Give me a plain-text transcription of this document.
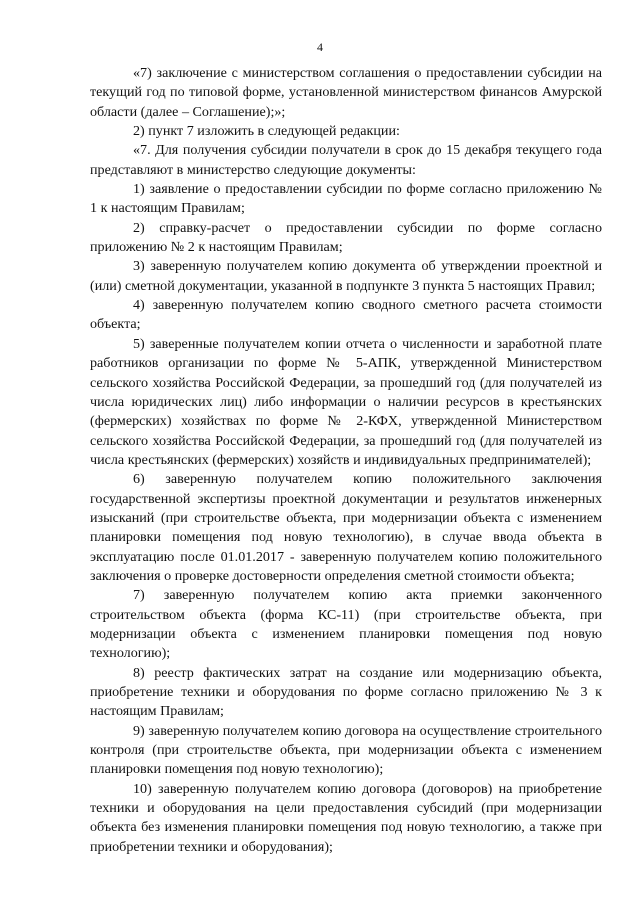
4

«7) заключение с министерством соглашения о предоставлении субсидии на текущий год по типовой форме, установленной министерством финансов Амурской области (далее – Соглашение);»;

2) пункт 7 изложить в следующей редакции:

«7. Для получения субсидии получатели в срок до 15 декабря текущего года представляют в министерство следующие документы:

1) заявление о предоставлении субсидии по форме согласно приложению № 1 к настоящим Правилам;

2) справку-расчет о предоставлении субсидии по форме согласно приложению № 2 к настоящим Правилам;

3) заверенную получателем копию документа об утверждении проектной и (или) сметной документации, указанной в подпункте 3 пункта 5 настоящих Правил;

4) заверенную получателем копию сводного сметного расчета стоимости объекта;

5) заверенные получателем копии отчета о численности и заработной плате работников организации по форме № 5-АПК, утвержденной Министерством сельского хозяйства Российской Федерации, за прошедший год (для получателей из числа юридических лиц) либо информации о наличии ресурсов в крестьянских (фермерских) хозяйствах по форме № 2-КФХ, утвержденной Министерством сельского хозяйства Российской Федерации, за прошедший год (для получателей из числа крестьянских (фермерских) хозяйств и индивидуальных предпринимателей);

6) заверенную получателем копию положительного заключения государственной экспертизы проектной документации и результатов инженерных изысканий (при строительстве объекта, при модернизации объекта с изменением планировки помещения под новую технологию), в случае ввода объекта в эксплуатацию после 01.01.2017 - заверенную получателем копию положительного заключения о проверке достоверности определения сметной стоимости объекта;

7) заверенную получателем копию акта приемки законченного строительством объекта (форма КС-11) (при строительстве объекта, при модернизации объекта с изменением планировки помещения под новую технологию);

8) реестр фактических затрат на создание или модернизацию объекта, приобретение техники и оборудования по форме согласно приложению № 3 к настоящим Правилам;

9) заверенную получателем копию договора на осуществление строительного контроля (при строительстве объекта, при модернизации объекта с изменением планировки помещения под новую технологию);

10) заверенную получателем копию договора (договоров) на приобретение техники и оборудования на цели предоставления субсидий (при модернизации объекта без изменения планировки помещения под новую технологию, а также при приобретении техники и оборудования);
